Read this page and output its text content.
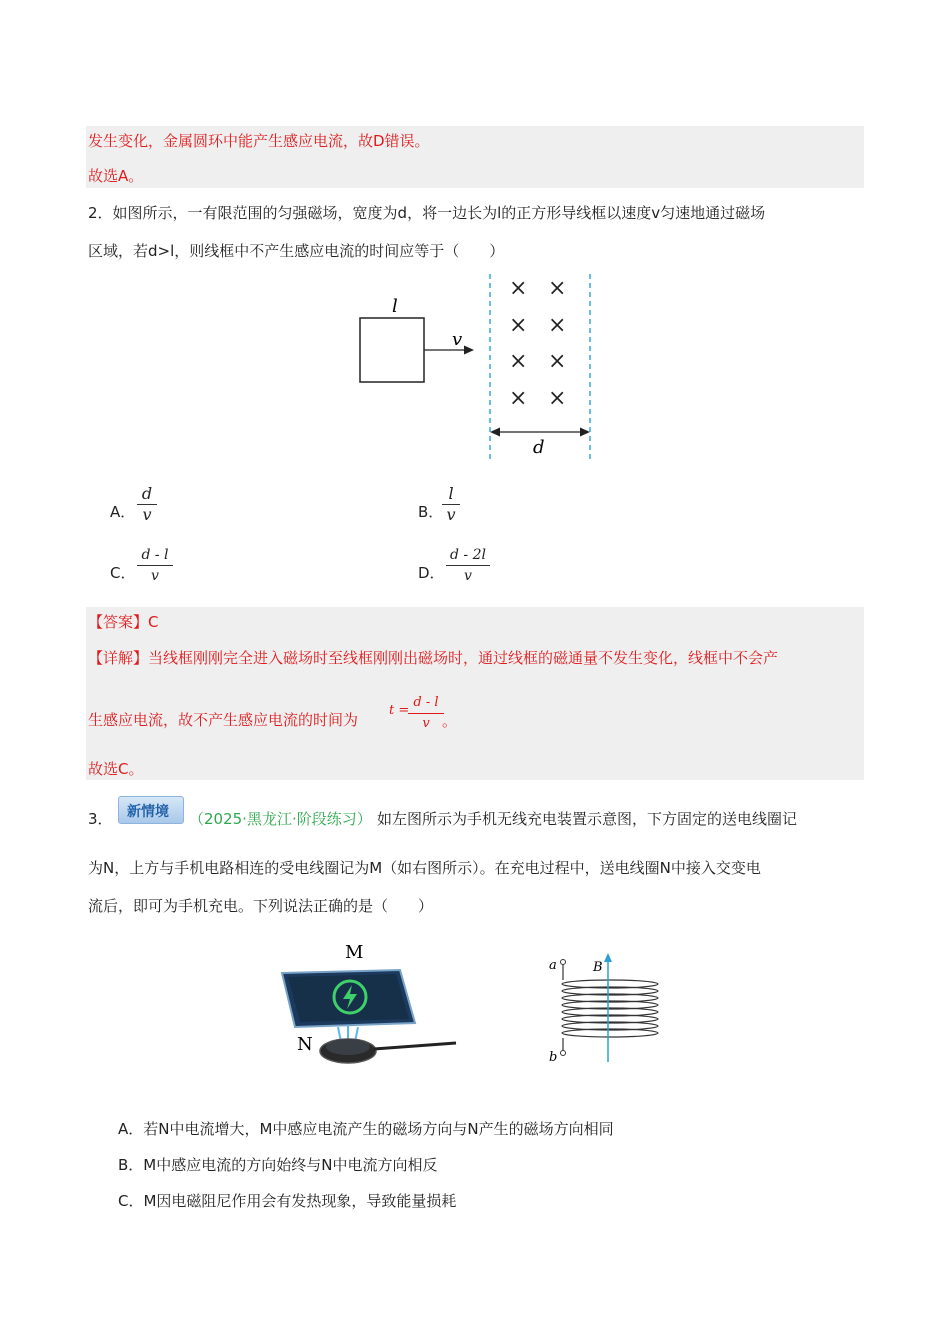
发生变化，金属圆环中能产生感应电流，故D错误。
故选A。
2．如图所示，一有限范围的匀强磁场，宽度为d，将一边长为l的正方形导线框以速度v匀速地通过磁场
区域，若d>l，则线框中不产生感应电流的时间应等于（　　）
l
v
× ×
× ×
× ×
× ×
d
A．
d
v	B．
l
v
C．
d - l
v	D．
d - 2l
v
【答案】C
【详解】当线框刚刚完全进入磁场时至线框刚刚出磁场时，通过线框的磁通量不发生变化，线框中不会产
生感应电流，故不产生感应电流的时间为
t =
d - l
v 。
故选C。
3． 新情境 （2025·黑龙江·阶段练习） 如左图所示为手机无线充电装置示意图，下方固定的送电线圈记
为N，上方与手机电路相连的受电线圈记为M（如右图所示）。在充电过程中，送电线圈N中接入交变电
流后，即可为手机充电。下列说法正确的是（　　）
M
N
a
b
B
A．若N中电流增大，M中感应电流产生的磁场方向与N产生的磁场方向相同
B．M中感应电流的方向始终与N中电流方向相反
C．M因电磁阻尼作用会有发热现象，导致能量损耗
